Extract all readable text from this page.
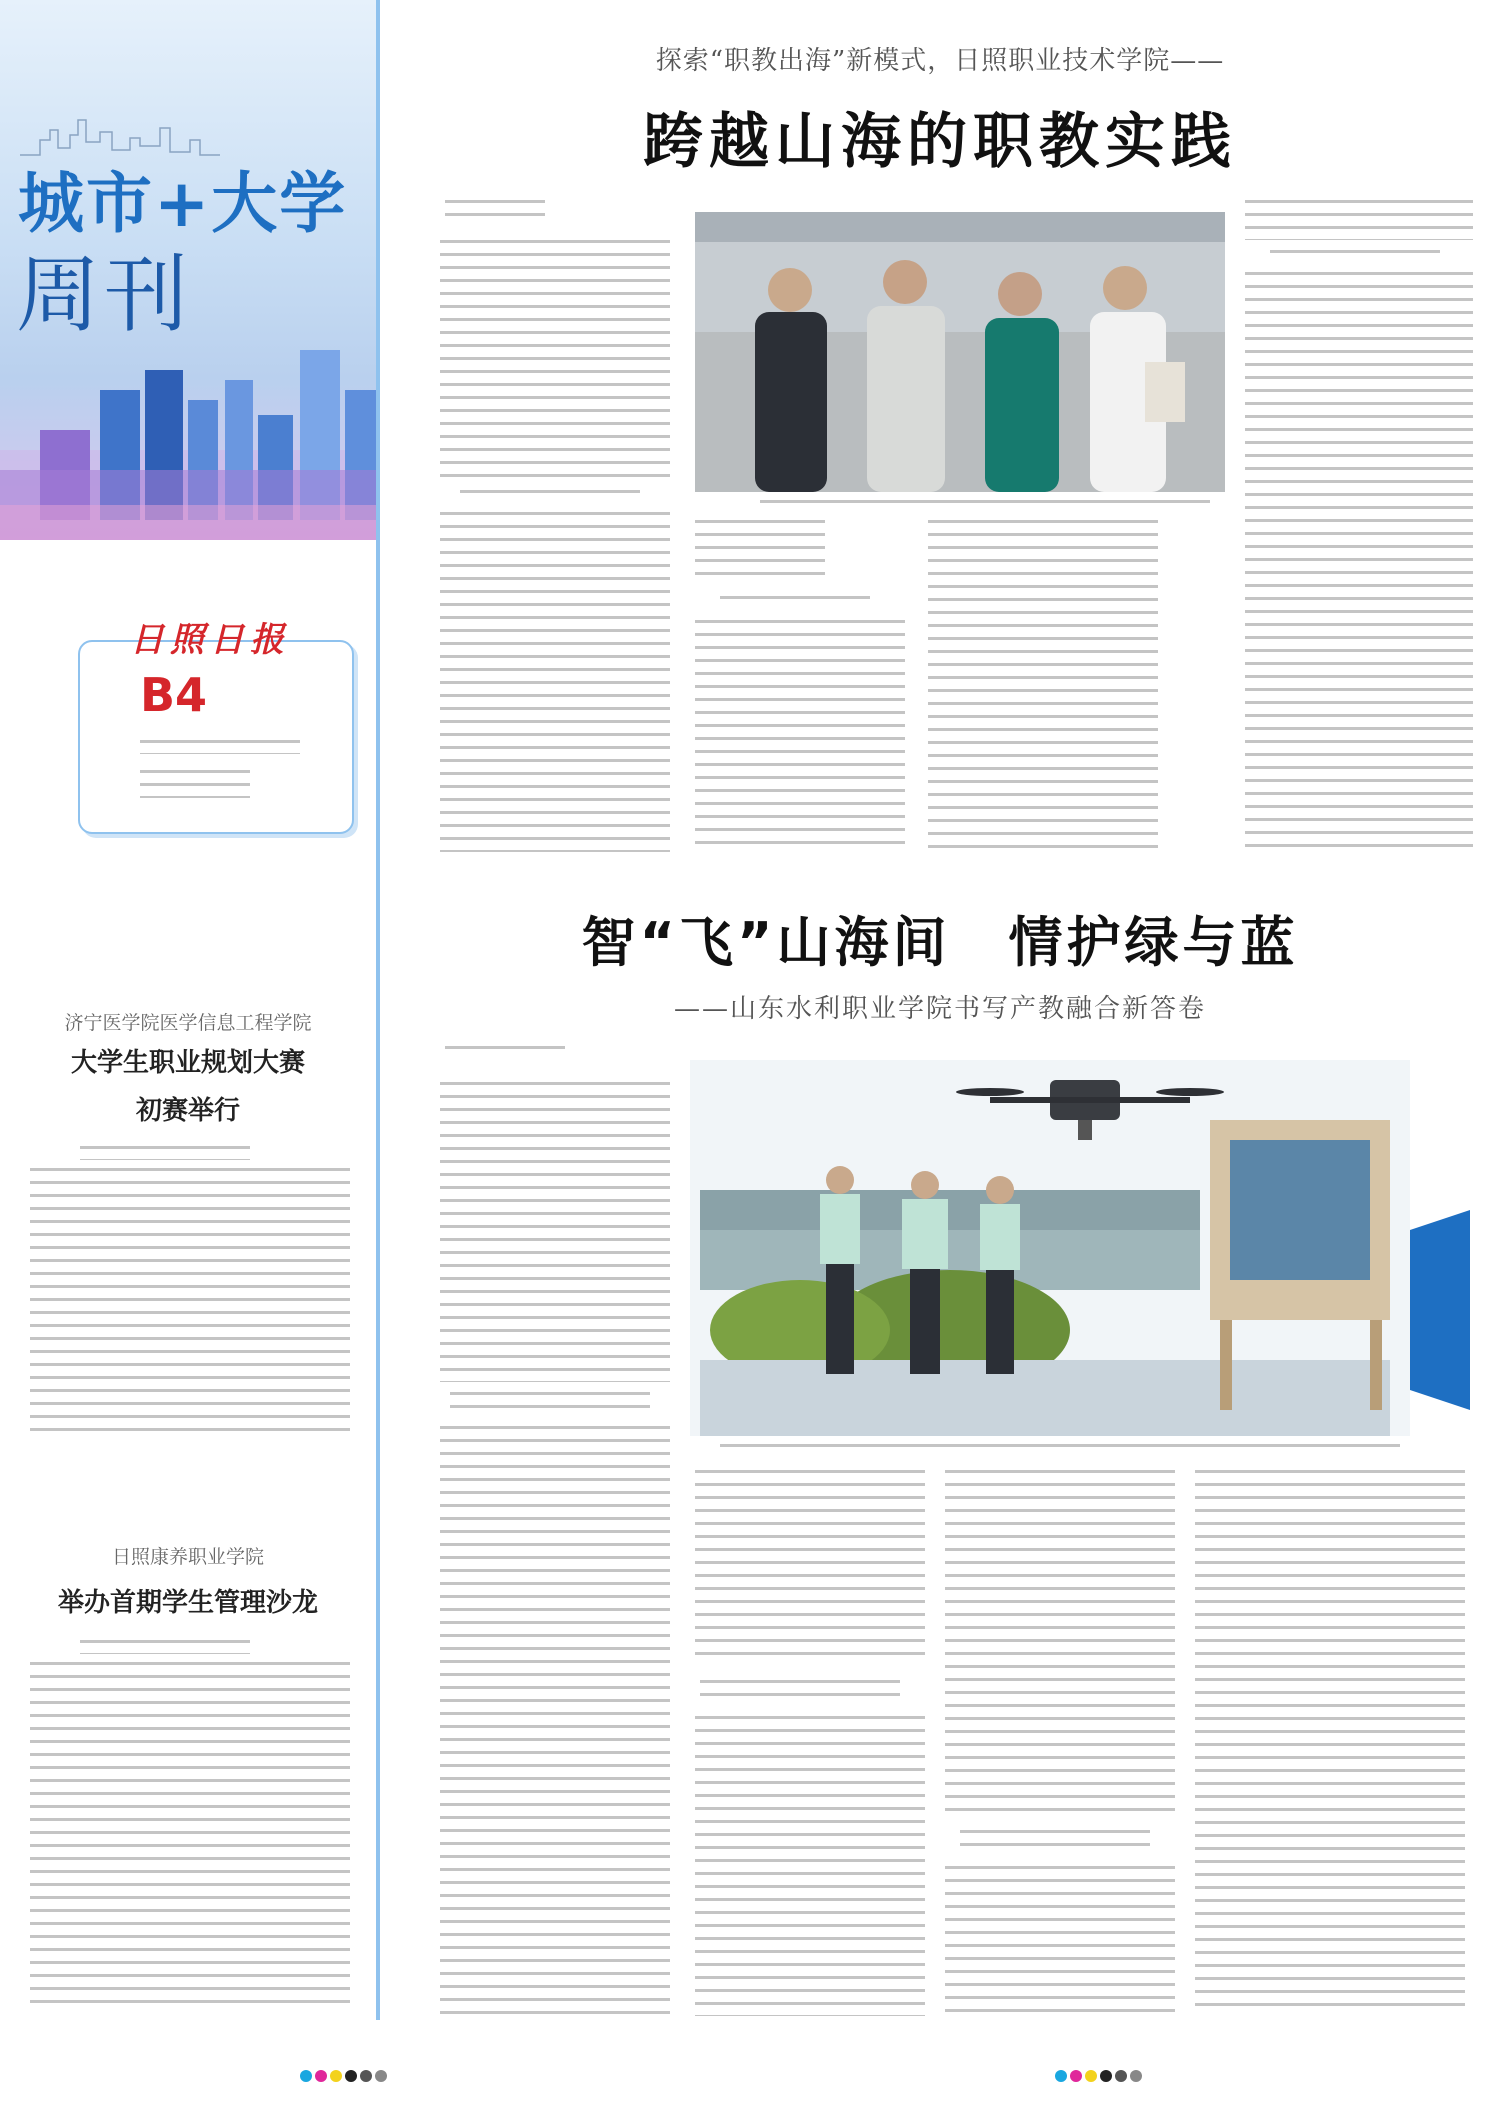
城市+大学
周刊
日照日报
B4
济宁医学院医学信息工程学院
大学生职业规划大赛
初赛举行
日照康养职业学院
举办首期学生管理沙龙
探索“职教出海”新模式，日照职业技术学院——
跨越山海的职教实践
智“飞”山海间　情护绿与蓝
——山东水利职业学院书写产教融合新答卷
